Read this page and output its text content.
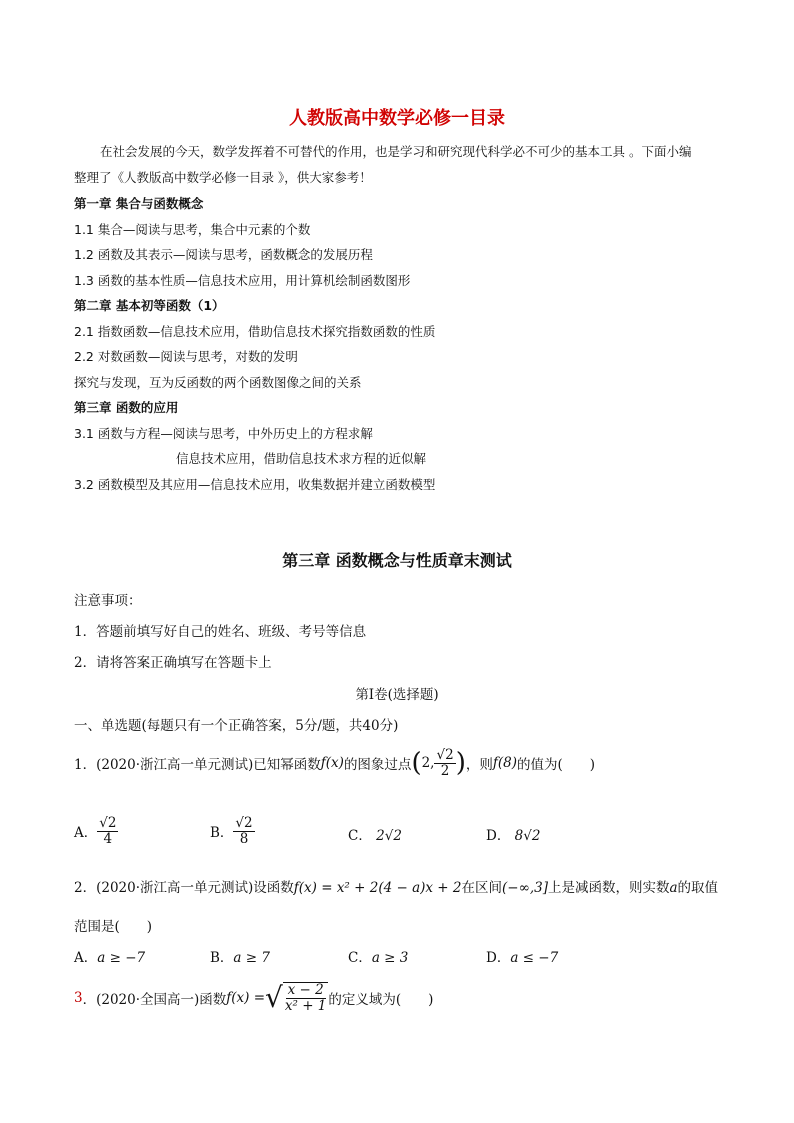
人教版高中数学必修一目录
在社会发展的今天，数学发挥着不可替代的作用，也是学习和研究现代科学必不可少的基本工具 。下面小编
整理了《人教版高中数学必修一目录 》，供大家参考！
第一章 集合与函数概念
1.1 集合—阅读与思考，集合中元素的个数
1.2 函数及其表示—阅读与思考，函数概念的发展历程
1.3 函数的基本性质—信息技术应用，用计算机绘制函数图形
第二章 基本初等函数（1）
2.1 指数函数—信息技术应用，借助信息技术探究指数函数的性质
2.2 对数函数—阅读与思考，对数的发明
探究与发现，互为反函数的两个函数图像之间的关系
第三章 函数的应用
3.1 函数与方程—阅读与思考，中外历史上的方程求解
信息技术应用，借助信息技术求方程的近似解
3.2 函数模型及其应用—信息技术应用，收集数据并建立函数模型
第三章 函数概念与性质章末测试
注意事项：
1．答题前填写好自己的姓名、班级、考号等信息
2．请将答案正确填写在答题卡上
第I卷(选择题)
一、单选题(每题只有一个正确答案，5分/题，共40分)
1．(2020·浙江高一单元测试)已知幂函数 f(x) 的图象过点 ( 2, $\frac{√2}{2}$ ) ，则 f(8) 的值为(　　)
A． $\frac{√2}{4}$	B． $\frac{√2}{8}$	C． 2√2	D． 8√2
2．(2020·浙江高一单元测试)设函数f(x) = x² + 2(4 − a)x + 2在区间(−∞,3]上是减函数，则实数a的取值
范围是(　　)
A．a ≥ −7	B．a ≥ 7	C．a ≥ 3	D．a ≤ −7
3 ．(2020·全国高一)函数 f(x) = √ $\frac{x - 2}{\text{x² + 1}}$ 的定义域为(　　)
